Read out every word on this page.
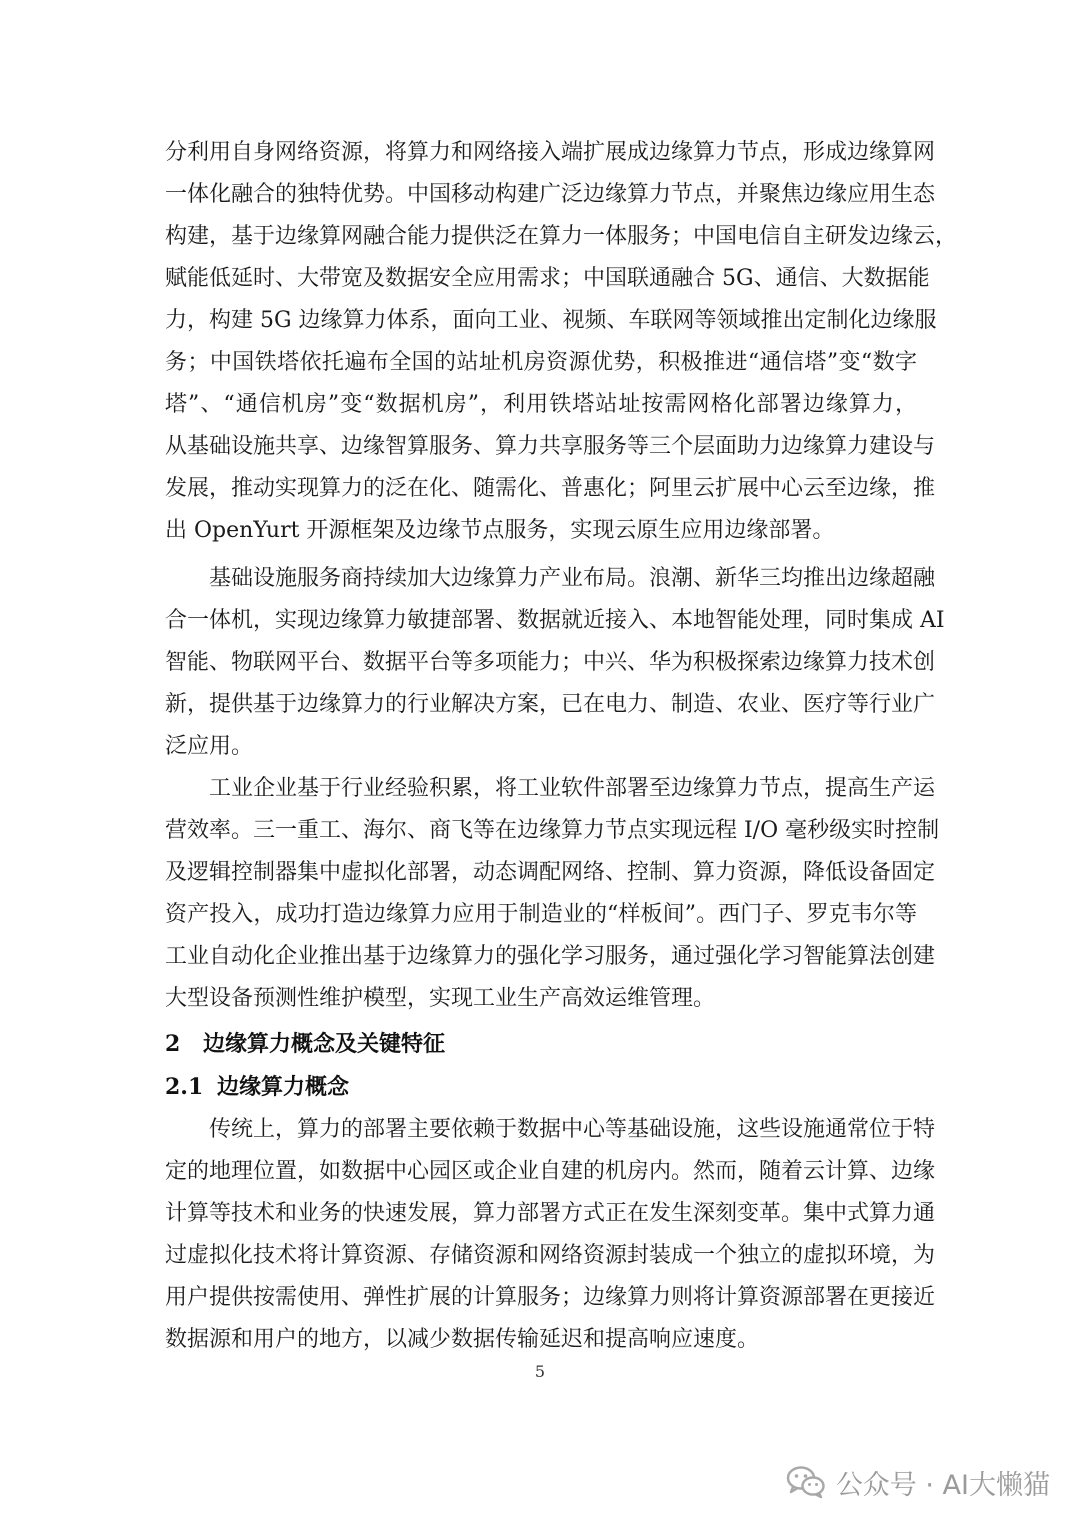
分利用自身网络资源，将算力和网络接入端扩展成边缘算力节点，形成边缘算网
一体化融合的独特优势。中国移动构建广泛边缘算力节点，并聚焦边缘应用生态
构建，基于边缘算网融合能力提供泛在算力一体服务；中国电信自主研发边缘云，
赋能低延时、大带宽及数据安全应用需求；中国联通融合 5G、通信、大数据能
力，构建 5G 边缘算力体系，面向工业、视频、车联网等领域推出定制化边缘服
务；中国铁塔依托遍布全国的站址机房资源优势，积极推进“通信塔”变“数字
塔”、“通信机房”变“数据机房”，利用铁塔站址按需网格化部署边缘算力，
从基础设施共享、边缘智算服务、算力共享服务等三个层面助力边缘算力建设与
发展，推动实现算力的泛在化、随需化、普惠化；阿里云扩展中心云至边缘，推
出 OpenYurt 开源框架及边缘节点服务，实现云原生应用边缘部署。
基础设施服务商持续加大边缘算力产业布局。浪潮、新华三均推出边缘超融
合一体机，实现边缘算力敏捷部署、数据就近接入、本地智能处理，同时集成 AI
智能、物联网平台、数据平台等多项能力；中兴、华为积极探索边缘算力技术创
新，提供基于边缘算力的行业解决方案，已在电力、制造、农业、医疗等行业广
泛应用。
工业企业基于行业经验积累，将工业软件部署至边缘算力节点，提高生产运
营效率。三一重工、海尔、商飞等在边缘算力节点实现远程 I/O 毫秒级实时控制
及逻辑控制器集中虚拟化部署，动态调配网络、控制、算力资源，降低设备固定
资产投入，成功打造边缘算力应用于制造业的“样板间”。西门子、罗克韦尔等
工业自动化企业推出基于边缘算力的强化学习服务，通过强化学习智能算法创建
大型设备预测性维护模型，实现工业生产高效运维管理。
2 边缘算力概念及关键特征
2.1 边缘算力概念
传统上，算力的部署主要依赖于数据中心等基础设施，这些设施通常位于特
定的地理位置，如数据中心园区或企业自建的机房内。然而，随着云计算、边缘
计算等技术和业务的快速发展，算力部署方式正在发生深刻变革。集中式算力通
过虚拟化技术将计算资源、存储资源和网络资源封装成一个独立的虚拟环境，为
用户提供按需使用、弹性扩展的计算服务；边缘算力则将计算资源部署在更接近
数据源和用户的地方，以减少数据传输延迟和提高响应速度。
5
公众号 · AI大懒猫
